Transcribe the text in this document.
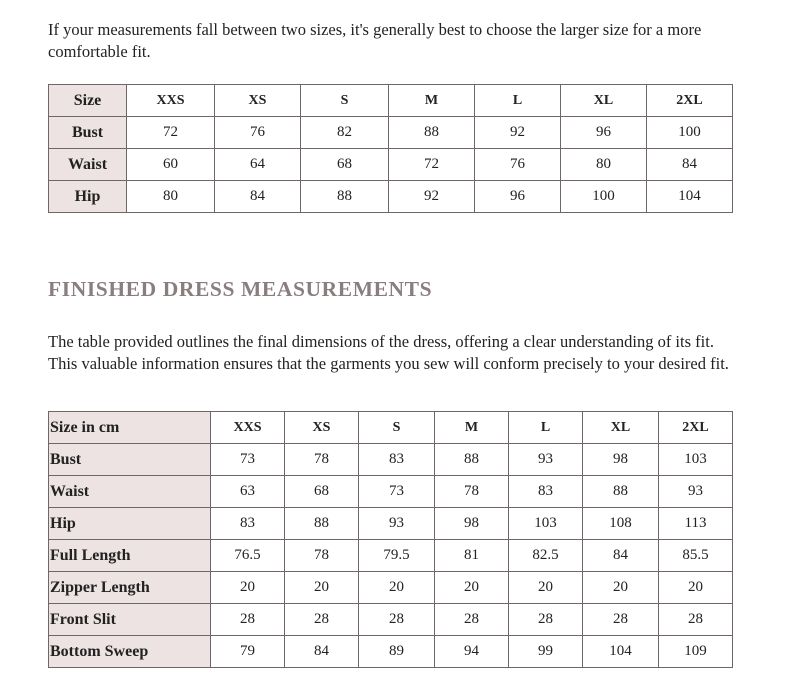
If your measurements fall between two sizes, it's generally best to choose the larger size for a more comfortable fit.

Size	XXS	XS	S	M	L	XL	2XL
Bust	72	76	82	88	92	96	100
Waist	60	64	68	72	76	80	84
Hip	80	84	88	92	96	100	104
FINISHED DRESS MEASUREMENTS

The table provided outlines the final dimensions of the dress, offering a clear understanding of its fit. This valuable information ensures that the garments you sew will conform precisely to your desired fit.

Size in cm	XXS	XS	S	M	L	XL	2XL
Bust	73	78	83	88	93	98	103
Waist	63	68	73	78	83	88	93
Hip	83	88	93	98	103	108	113
Full Length	76.5	78	79.5	81	82.5	84	85.5
Zipper Length	20	20	20	20	20	20	20
Front Slit	28	28	28	28	28	28	28
Bottom Sweep	79	84	89	94	99	104	109
